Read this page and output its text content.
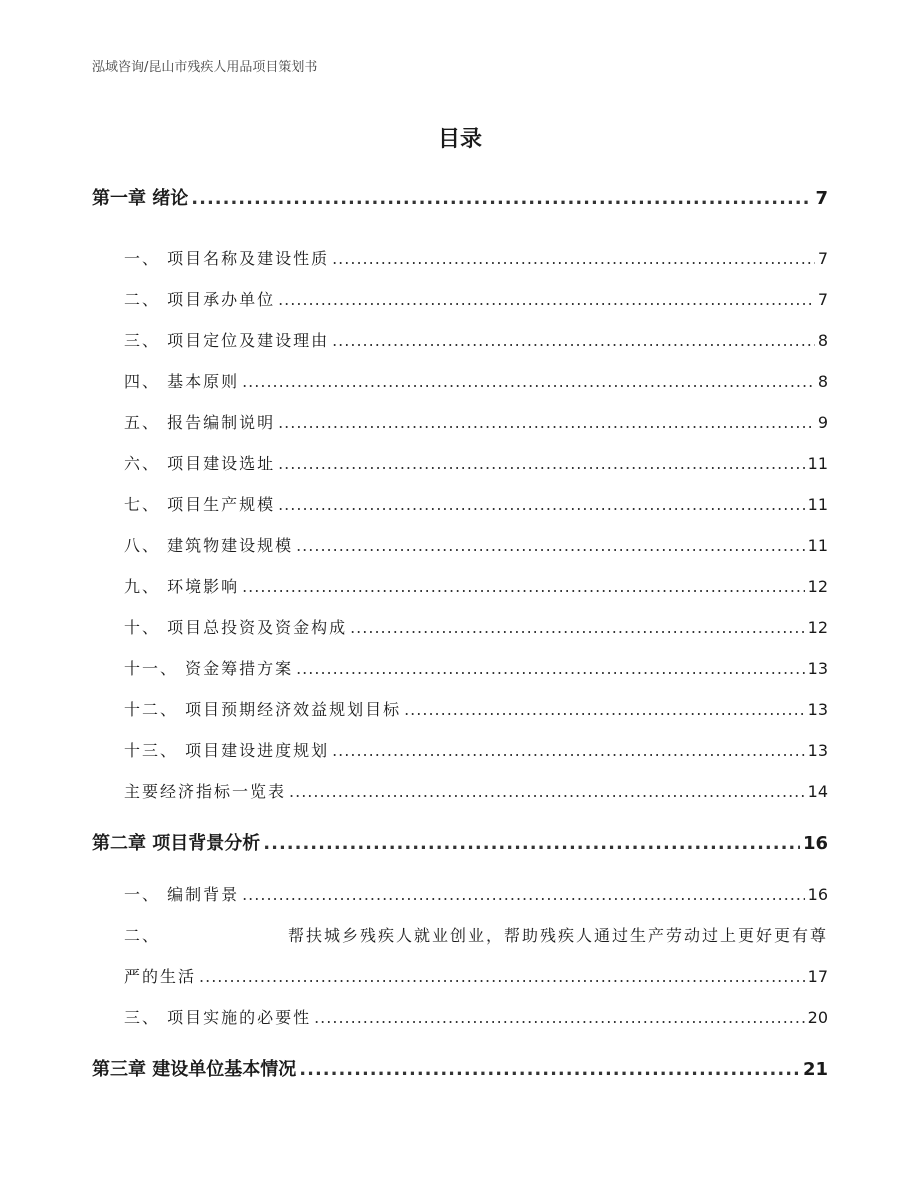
泓域咨询/昆山市残疾人用品项目策划书
目录
第一章 绪论 .....	7
一、 项目名称及建设性质 .....	7
二、 项目承办单位 .....	7
三、 项目定位及建设理由 .....	8
四、 基本原则 .....	8
五、 报告编制说明 .....	9
六、 项目建设选址 .....	11
七、 项目生产规模 .....	11
八、 建筑物建设规模 .....	11
九、 环境影响 .....	12
十、 项目总投资及资金构成 .....	12
十一、 资金筹措方案 .....	13
十二、 项目预期经济效益规划目标 .....	13
十三、 项目建设进度规划 .....	13
主要经济指标一览表 .....	14
第二章 项目背景分析 .....	16
一、 编制背景 .....	16
二、	帮扶城乡残疾人就业创业，帮助残疾人通过生产劳动过上更好更有尊
严的生活 .....	17
三、 项目实施的必要性 .....	20
第三章 建设单位基本情况 .....	21
